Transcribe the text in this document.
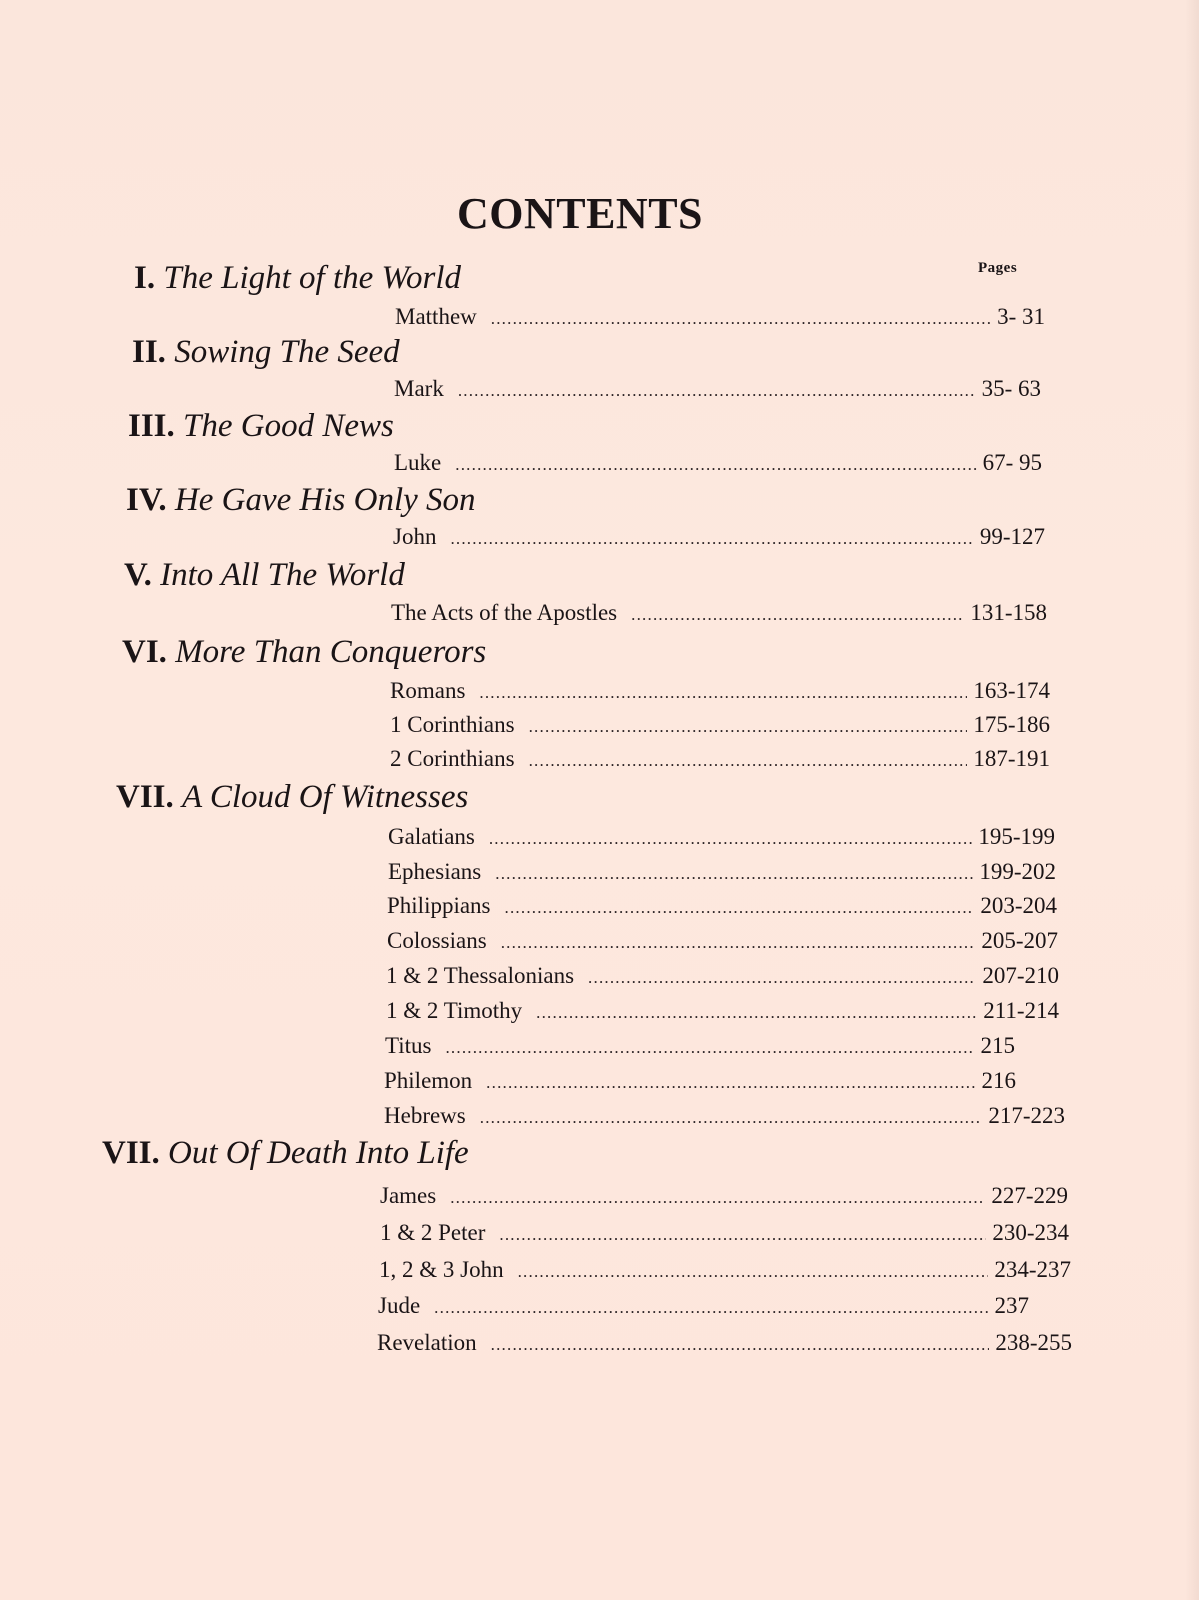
CONTENTS
Pages
I. The Light of the World
Matthew .....	3- 31
II. Sowing The Seed
Mark .....	35- 63
III. The Good News
Luke .....	67- 95
IV. He Gave His Only Son
John .....	99-127
V. Into All The World
The Acts of the Apostles .....	131-158
VI. More Than Conquerors
Romans .....	163-174
1 Corinthians .....	175-186
2 Corinthians .....	187-191
VII. A Cloud Of Witnesses
Galatians .....	195-199
Ephesians .....	199-202
Philippians .....	203-204
Colossians .....	205-207
1 & 2 Thessalonians .....	207-210
1 & 2 Timothy .....	211-214
Titus .....	215
Philemon .....	216
Hebrews .....	217-223
VII. Out Of Death Into Life
James .....	227-229
1 & 2 Peter .....	230-234
1, 2 & 3 John .....	234-237
Jude .....	237
Revelation .....	238-255
